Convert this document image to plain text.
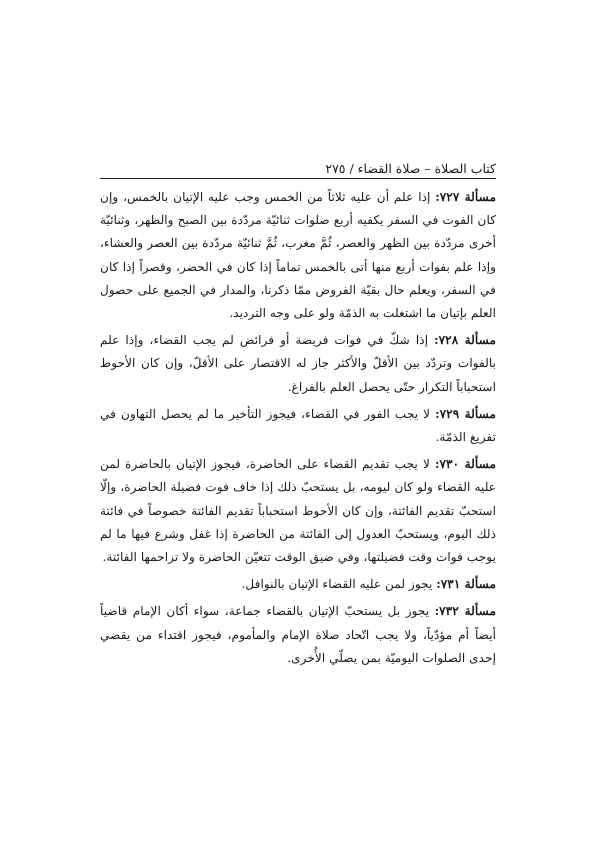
كتاب الصلاة – صلاة القضاء / ٢٧٥

مسألة ٧٢٧: إذا علم أن عليه ثلاثاً من الخمس وجب عليه الإتيان بالخمس، وإن كان الفوت في السفر يكفيه أربع صلوات ثنائيّة مردّدة بين الصبح والظهر، وثنائيّة أخرى مردّدة بين الظهر والعصر، ثُمَّ مغرب، ثُمَّ ثنائيّة مردّدة بين العصر والعشاء، وإذا علم بفوات أربع منها أتى بالخمس تماماً إذا كان في الحضر، وقصراً إذا كان في السفر، ويعلم حال بقيّة الفروض ممّا ذكرنا، والمدار في الجميع على حصول العلم بإتيان ما اشتغلت به الذمّة ولو على وجه الترديد.

مسألة ٧٢٨: إذا شكّ في فوات فريضة أو فرائض لم يجب القضاء، وإذا علم بالفوات وتردّد بين الأقلّ والأكثر جاز له الاقتصار على الأقلّ، وإن كان الأحوط استحباباً التكرار حتّى يحصل العلم بالفراغ.

مسألة ٧٢٩: لا يجب الفور في القضاء، فيجوز التأخير ما لم يحصل التهاون في تفريغ الذمّة.

مسألة ٧٣٠: لا يجب تقديم القضاء على الحاضرة، فيجوز الإتيان بالحاضرة لمن عليه القضاء ولو كان ليومه، بل يستحبّ ذلك إذا خاف فوت فضيلة الحاضرة، وإلّا استحبّ تقديم الفائتة، وإن كان الأحوط استحباباً تقديم الفائتة خصوصاً في فائتة ذلك اليوم، ويستحبّ العدول إلى الفائتة من الحاضرة إذا غفل وشرع فيها ما لم يوجب فوات وقت فضيلتها، وفي ضيق الوقت تتعيّن الحاضرة ولا تزاحمها الفائتة.

مسألة ٧٣١: يجوز لمن عليه القضاء الإتيان بالنوافل.

مسألة ٧٣٢: يجوز بل يستحبّ الإتيان بالقضاء جماعة، سواء أكان الإمام قاضياً أيضاً أم مؤدّياً، ولا يجب اتّحاد صلاة الإمام والمأموم، فيجوز اقتداء من يقضي إحدى الصلوات اليوميّة بمن يصلّي الأُخرى.
